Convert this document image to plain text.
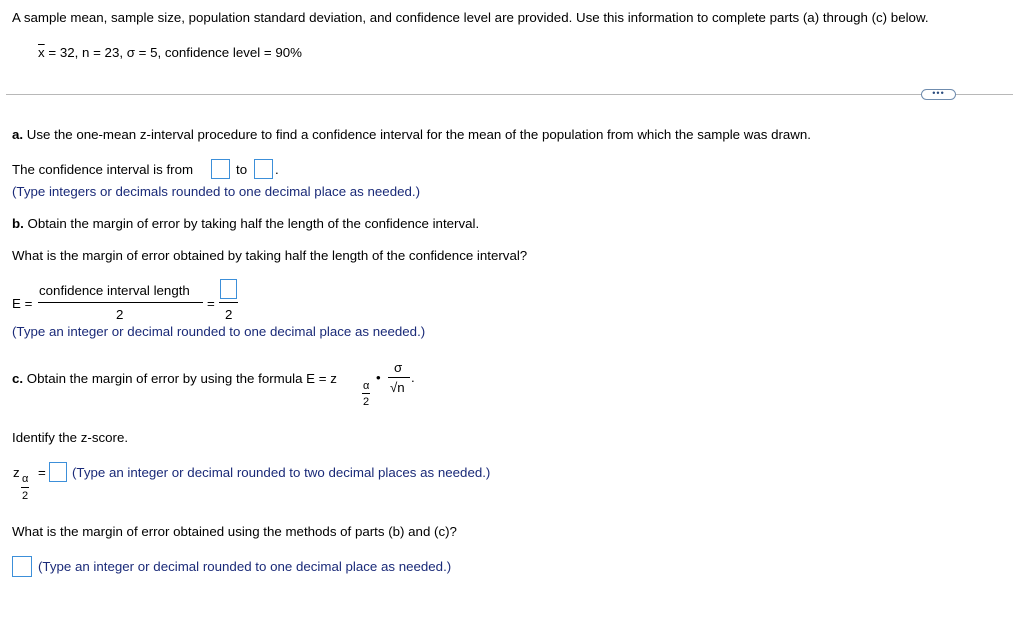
A sample mean, sample size, population standard deviation, and confidence level are provided. Use this information to complete parts (a) through (c) below.
$\overline{x} = 32$, n = 23, σ = 5, confidence level = 90%
•••
a. Use the one-mean z-interval procedure to find a confidence interval for the mean of the population from which the sample was drawn.
The confidence interval is from	to .
(Type integers or decimals rounded to one decimal place as needed.)
b. Obtain the margin of error by taking half the length of the confidence interval.
What is the margin of error obtained by taking half the length of the confidence interval?
E =
confidence interval length
2
=
2
(Type an integer or decimal rounded to one decimal place as needed.)
c. Obtain the margin of error by using the formula E = z α
2
•
σ
√n
.
Identify the z-score.
z α
2
= (Type an integer or decimal rounded to two decimal places as needed.)
What is the margin of error obtained using the methods of parts (b) and (c)?
(Type an integer or decimal rounded to one decimal place as needed.)
